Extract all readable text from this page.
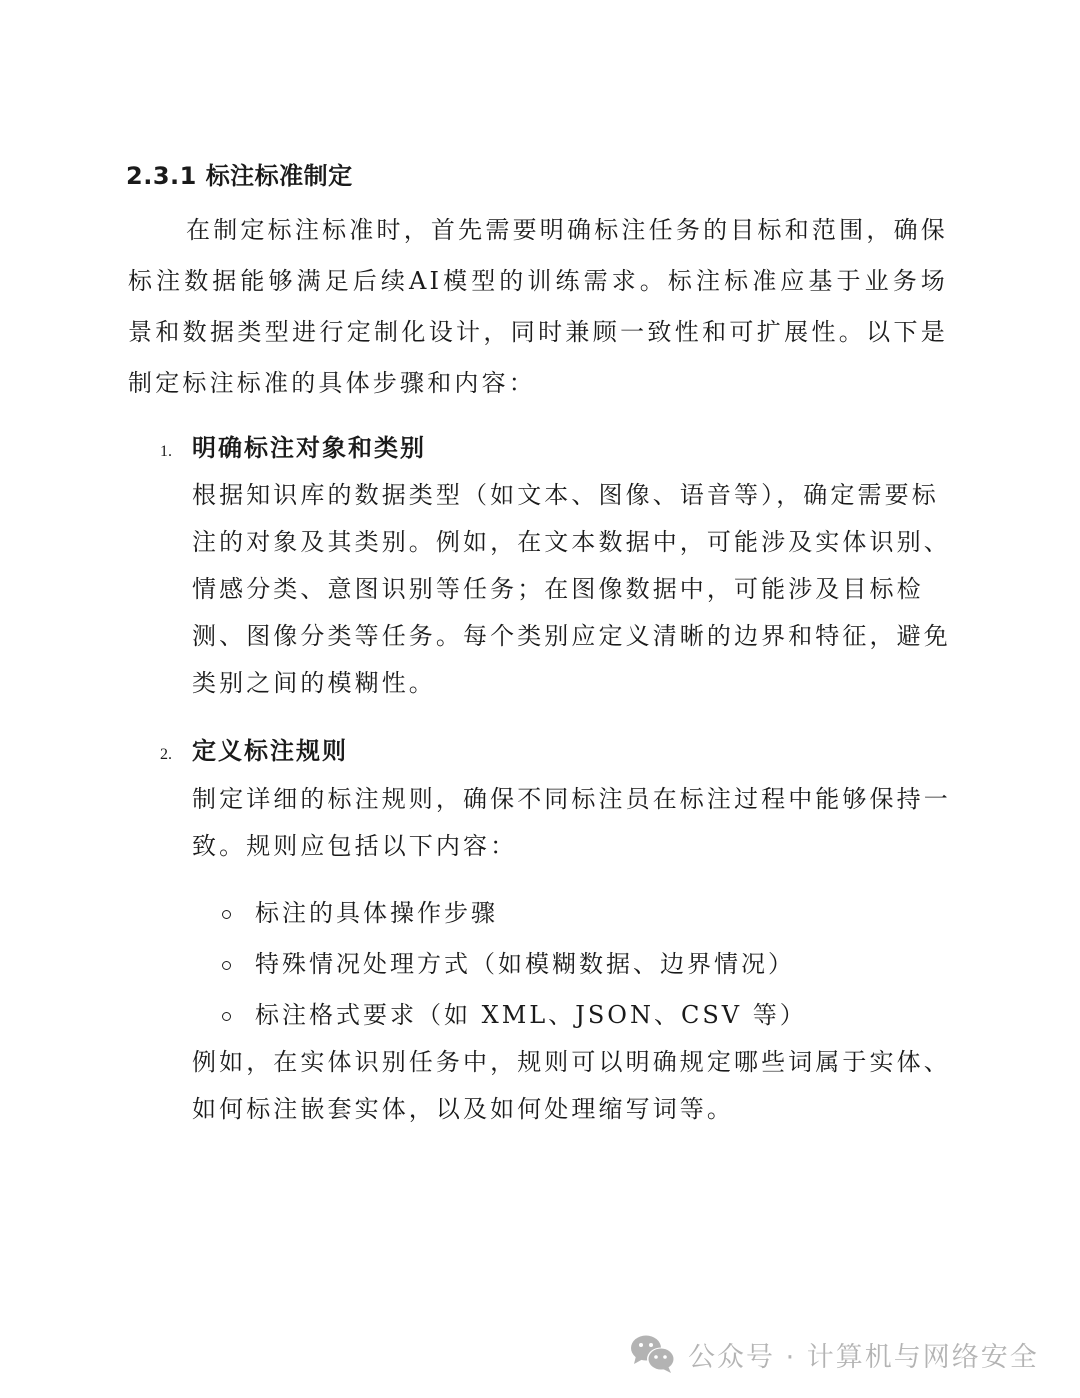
2.3.1 标注标准制定

在制定标注标准时，首先需要明确标注任务的目标和范围，确保标注数据能够满足后续AI模型的训练需求。标注标准应基于业务场景和数据类型进行定制化设计，同时兼顾一致性和可扩展性。以下是制定标注标准的具体步骤和内容：

1. 明确标注对象和类别

根据知识库的数据类型（如文本、图像、语音等），确定需要标注的对象及其类别。例如，在文本数据中，可能涉及实体识别、情感分类、意图识别等任务；在图像数据中，可能涉及目标检测、图像分类等任务。每个类别应定义清晰的边界和特征，避免类别之间的模糊性。

2. 定义标注规则

制定详细的标注规则，确保不同标注员在标注过程中能够保持一致。规则应包括以下内容：

标注的具体操作步骤
特殊情况处理方式（如模糊数据、边界情况）
标注格式要求（如 XML、JSON、CSV 等）

例如，在实体识别任务中，规则可以明确规定哪些词属于实体、如何标注嵌套实体，以及如何处理缩写词等。

公众号 · 计算机与网络安全
